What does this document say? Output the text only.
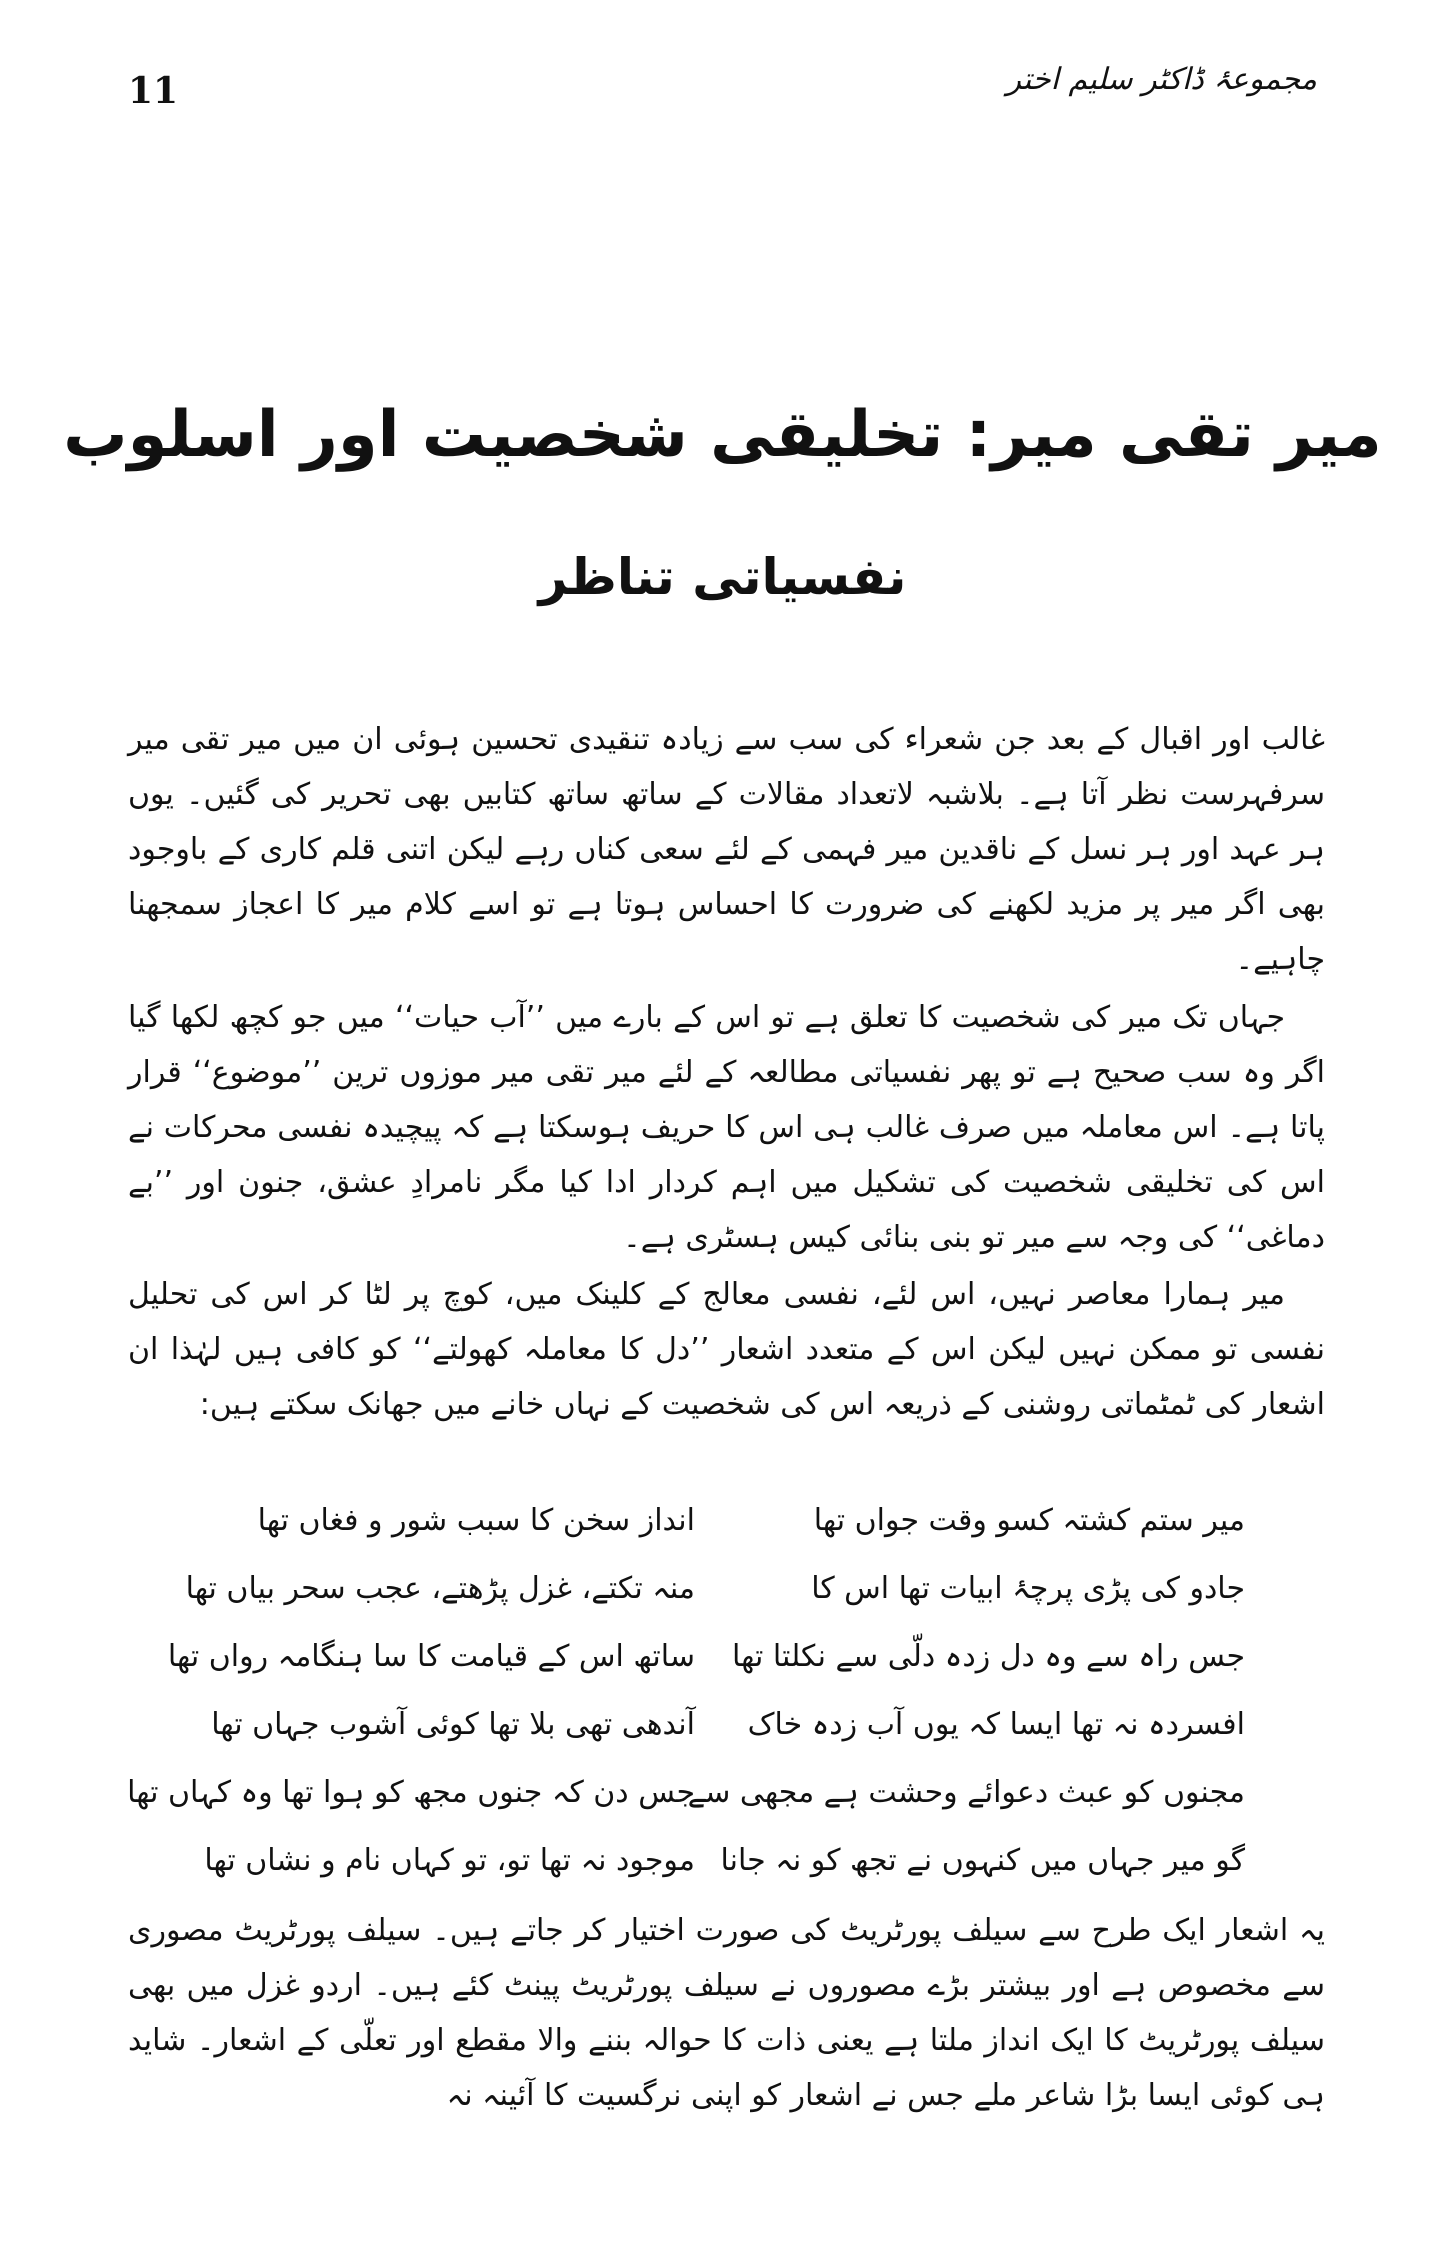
11	مجموعۂ ڈاکٹر سلیم اختر
میر تقی میر: تخلیقی شخصیت اور اسلوب
نفسیاتی تناظر

غالب اور اقبال کے بعد جن شعراء کی سب سے زیادہ تنقیدی تحسین ہوئی ان میں میر تقی میر سرفہرست نظر آتا ہے۔ بلاشبہ لاتعداد مقالات کے ساتھ ساتھ کتابیں بھی تحریر کی گئیں۔ یوں ہر عہد اور ہر نسل کے ناقدین میر فہمی کے لئے سعی کناں رہے لیکن اتنی قلم کاری کے باوجود بھی اگر میر پر مزید لکھنے کی ضرورت کا احساس ہوتا ہے تو اسے کلام میر کا اعجاز سمجھنا چاہیے۔

جہاں تک میر کی شخصیت کا تعلق ہے تو اس کے بارے میں ’’آب حیات‘‘ میں جو کچھ لکھا گیا اگر وہ سب صحیح ہے تو پھر نفسیاتی مطالعہ کے لئے میر تقی میر موزوں ترین ’’موضوع‘‘ قرار پاتا ہے۔ اس معاملہ میں صرف غالب ہی اس کا حریف ہوسکتا ہے کہ پیچیدہ نفسی محرکات نے اس کی تخلیقی شخصیت کی تشکیل میں اہم کردار ادا کیا مگر نامرادِ عشق، جنون اور ’’بے دماغی‘‘ کی وجہ سے میر تو بنی بنائی کیس ہسٹری ہے۔

میر ہمارا معاصر نہیں، اس لئے، نفسی معالج کے کلینک میں، کوچ پر لٹا کر اس کی تحلیل نفسی تو ممکن نہیں لیکن اس کے متعدد اشعار ’’دل کا معاملہ کھولتے‘‘ کو کافی ہیں لہٰذا ان اشعار کی ٹمٹماتی روشنی کے ذریعہ اس کی شخصیت کے نہاں خانے میں جھانک سکتے ہیں:

میر ستم کشتہ کسو وقت جواں تھا
انداز سخن کا سبب شور و فغاں تھا
جادو کی پڑی پرچۂ ابیات تھا اس کا
منہ تکتے، غزل پڑھتے، عجب سحر بیاں تھا
جس راہ سے وہ دل زدہ دلّی سے نکلتا تھا
ساتھ اس کے قیامت کا سا ہنگامہ رواں تھا
افسردہ نہ تھا ایسا کہ یوں آب زدہ خاک
آندھی تھی بلا تھا کوئی آشوب جہاں تھا
مجنوں کو عبث دعوائے وحشت ہے مجھی سے
جس دن کہ جنوں مجھ کو ہوا تھا وہ کہاں تھا
گو میر جہاں میں کنہوں نے تجھ کو نہ جانا
موجود نہ تھا تو، تو کہاں نام و نشاں تھا

یہ اشعار ایک طرح سے سیلف پورٹریٹ کی صورت اختیار کر جاتے ہیں۔ سیلف پورٹریٹ مصوری سے مخصوص ہے اور بیشتر بڑے مصوروں نے سیلف پورٹریٹ پینٹ کئے ہیں۔ اردو غزل میں بھی سیلف پورٹریٹ کا ایک انداز ملتا ہے یعنی ذات کا حوالہ بننے والا مقطع اور تعلّی کے اشعار۔ شاید ہی کوئی ایسا بڑا شاعر ملے جس نے اشعار کو اپنی نرگسیت کا آئینہ نہ
